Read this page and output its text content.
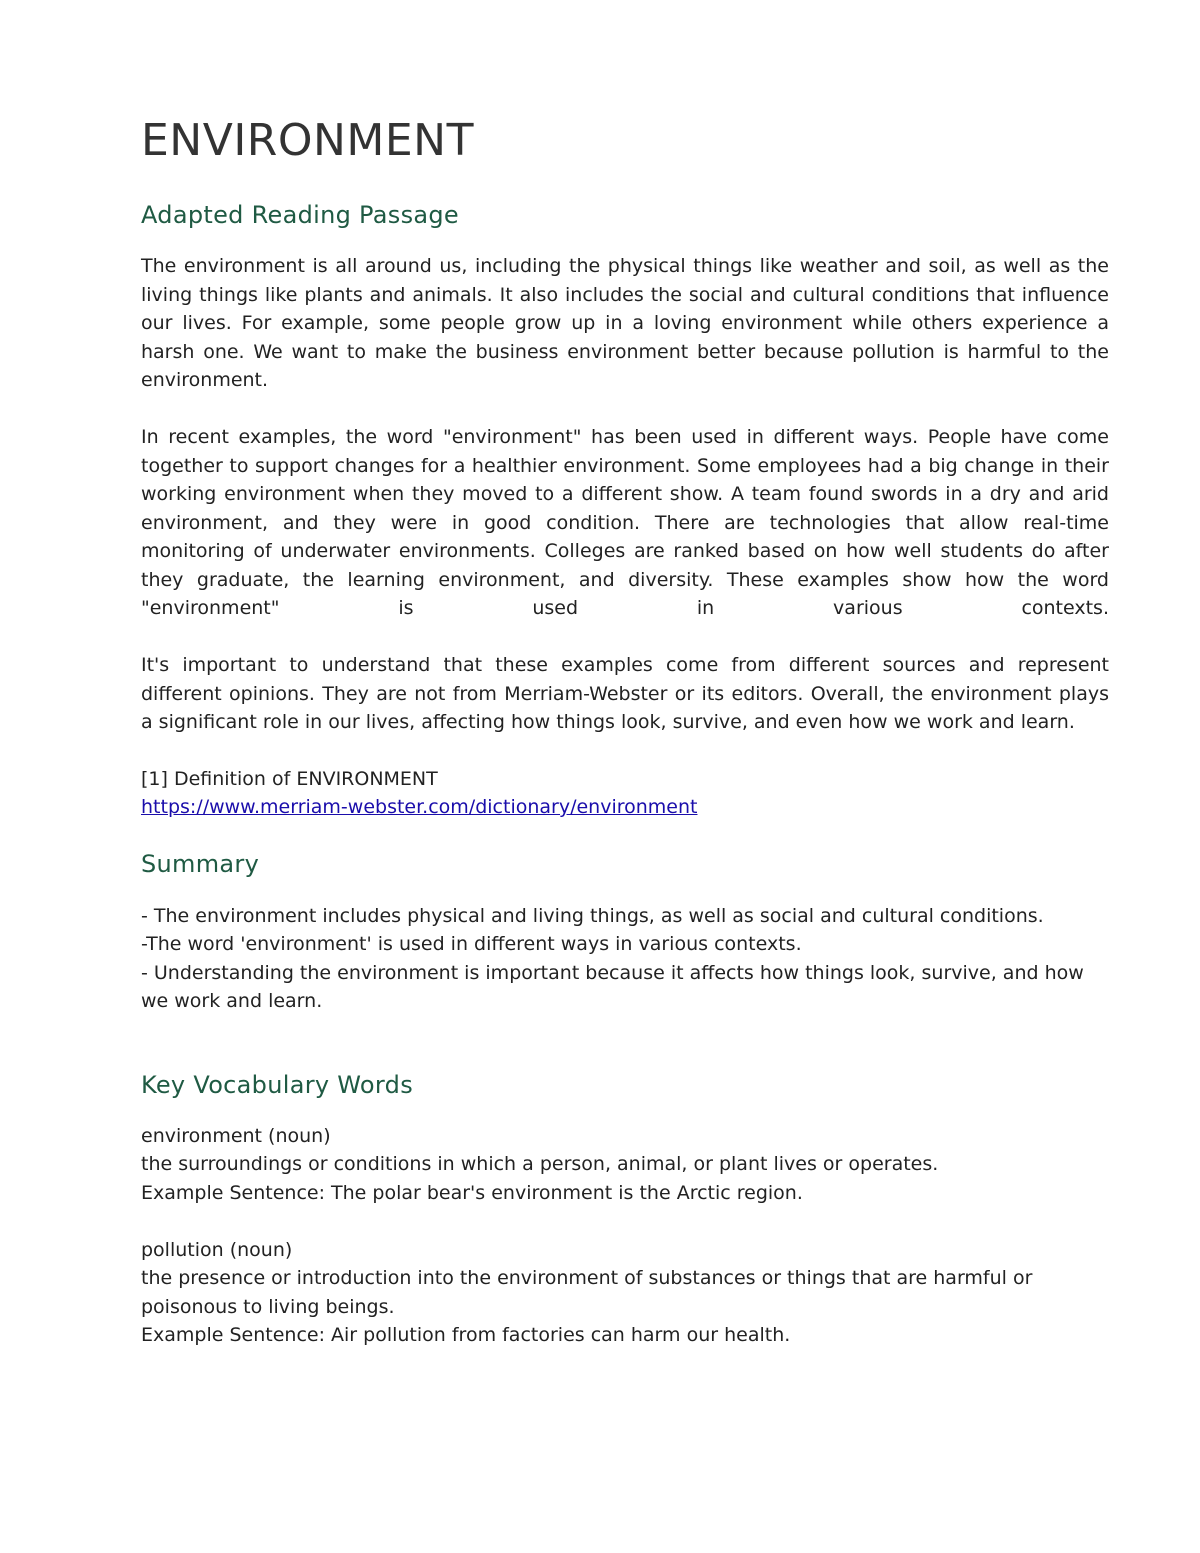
ENVIRONMENT
Adapted Reading Passage

The environment is all around us, including the physical things like weather and soil, as well as the living things like plants and animals. It also includes the social and cultural conditions that influence our lives. For example, some people grow up in a loving environment while others experience a harsh one. We want to make the business environment better because pollution is harmful to the environment.

In recent examples, the word "environment" has been used in different ways. People have come together to support changes for a healthier environment. Some employees had a big change in their working environment when they moved to a different show. A team found swords in a dry and arid environment, and they were in good condition. There are technologies that allow real-time monitoring of underwater environments. Colleges are ranked based on how well students do after they graduate, the learning environment, and diversity. These examples show how the word "environment" is used in various contexts.

It's important to understand that these examples come from different sources and represent different opinions. They are not from Merriam-Webster or its editors. Overall, the environment plays a significant role in our lives, affecting how things look, survive, and even how we work and learn.

[1] Definition of ENVIRONMENT
https://www.merriam-webster.com/dictionary/environment
Summary
- The environment includes physical and living things, as well as social and cultural conditions.
-The word 'environment' is used in different ways in various contexts.
- Understanding the environment is important because it affects how things look, survive, and how we work and learn.
Key Vocabulary Words
environment (noun)
the surroundings or conditions in which a person, animal, or plant lives or operates.
Example Sentence: The polar bear's environment is the Arctic region.
pollution (noun)
the presence or introduction into the environment of substances or things that are harmful or poisonous to living beings.
Example Sentence: Air pollution from factories can harm our health.
